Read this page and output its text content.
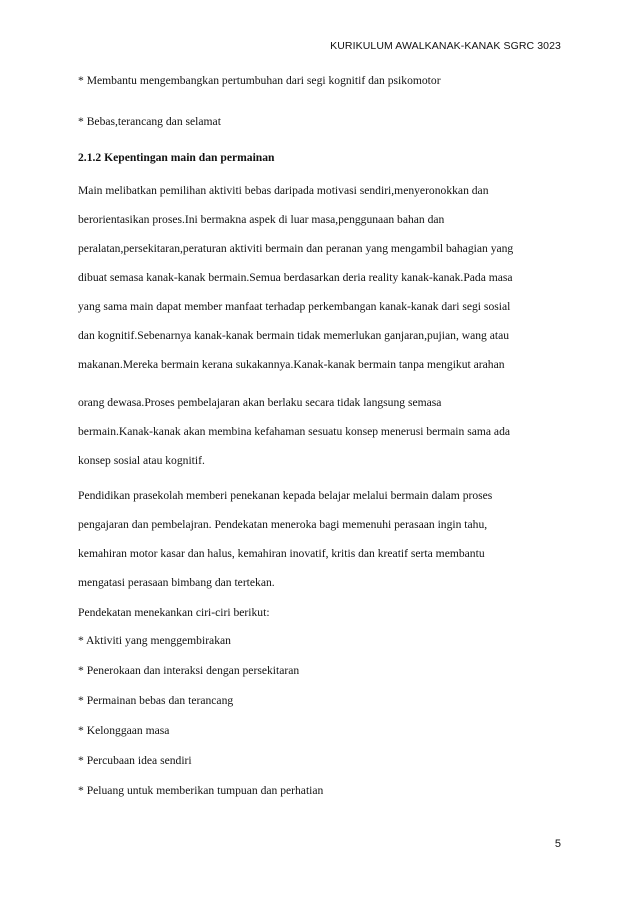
KURIKULUM AWALKANAK-KANAK SGRC 3023
* Membantu mengembangkan pertumbuhan dari segi kognitif dan psikomotor
* Bebas,terancang dan selamat
2.1.2 Kepentingan main dan permainan
Main melibatkan pemilihan aktiviti bebas daripada motivasi sendiri,menyeronokkan dan
berorientasikan proses.Ini bermakna aspek di luar masa,penggunaan bahan dan
peralatan,persekitaran,peraturan aktiviti bermain dan peranan yang mengambil bahagian yang
dibuat semasa kanak-kanak bermain.Semua berdasarkan deria reality kanak-kanak.Pada masa
yang sama main dapat member manfaat terhadap perkembangan kanak-kanak dari segi sosial
dan kognitif.Sebenarnya kanak-kanak bermain tidak memerlukan ganjaran,pujian, wang atau
makanan.Mereka bermain kerana sukakannya.Kanak-kanak bermain tanpa mengikut arahan
orang dewasa.Proses pembelajaran akan berlaku secara tidak langsung semasa
bermain.Kanak-kanak akan membina kefahaman sesuatu konsep menerusi bermain sama ada
konsep sosial atau kognitif.
Pendidikan prasekolah memberi penekanan kepada belajar melalui bermain dalam proses
pengajaran dan pembelajran. Pendekatan meneroka bagi memenuhi perasaan ingin tahu,
kemahiran motor kasar dan halus, kemahiran inovatif, kritis dan kreatif serta membantu
mengatasi perasaan bimbang dan tertekan.
Pendekatan menekankan ciri-ciri berikut:
* Aktiviti yang menggembirakan
* Penerokaan dan interaksi dengan persekitaran
* Permainan bebas dan terancang
* Kelonggaan masa
* Percubaan idea sendiri
* Peluang untuk memberikan tumpuan dan perhatian
5
